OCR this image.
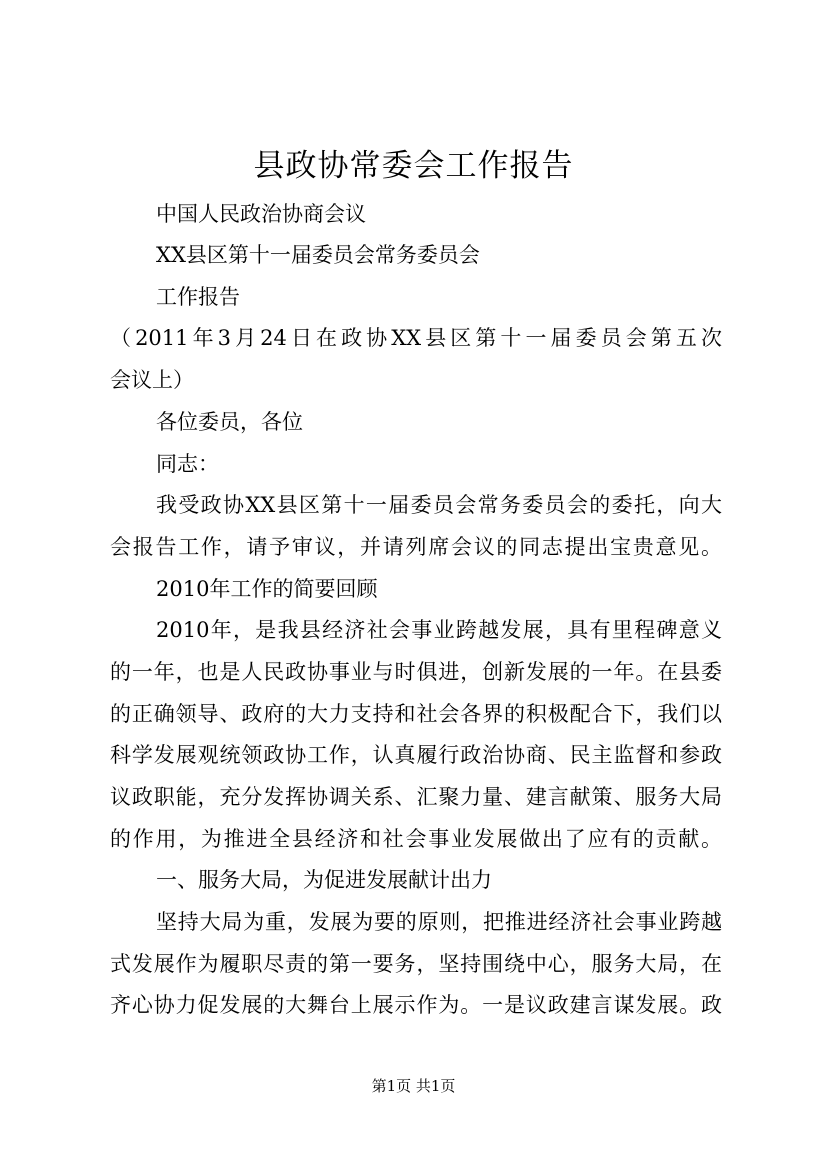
县政协常委会工作报告
中国人民政治协商会议
XX县区第十一届委员会常务委员会
工作报告
（2011年3月24日在政协XX县区第十一届委员会第五次
会议上）
各位委员，各位
同志：
我受政协XX县区第十一届委员会常务委员会的委托，向大
会报告工作，请予审议，并请列席会议的同志提出宝贵意见。
2010年工作的简要回顾
2010年，是我县经济社会事业跨越发展，具有里程碑意义
的一年，也是人民政协事业与时俱进，创新发展的一年。在县委
的正确领导、政府的大力支持和社会各界的积极配合下，我们以
科学发展观统领政协工作，认真履行政治协商、民主监督和参政
议政职能，充分发挥协调关系、汇聚力量、建言献策、服务大局
的作用，为推进全县经济和社会事业发展做出了应有的贡献。
一、服务大局，为促进发展献计出力
坚持大局为重，发展为要的原则，把推进经济社会事业跨越
式发展作为履职尽责的第一要务，坚持围绕中心，服务大局，在
齐心协力促发展的大舞台上展示作为。一是议政建言谋发展。政
第1页 共1页
